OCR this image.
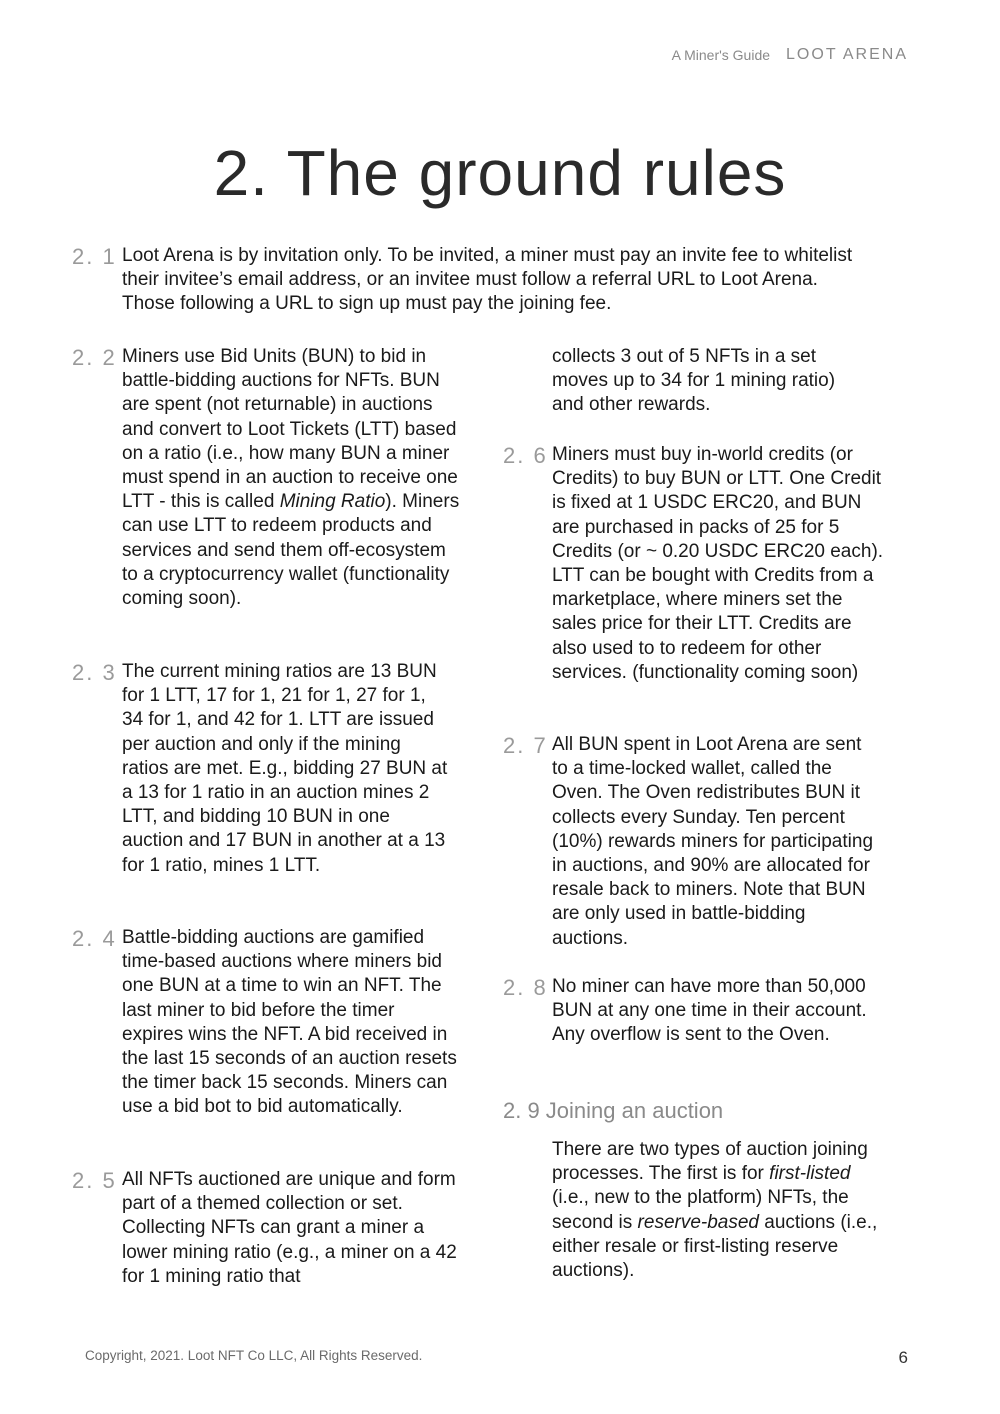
A Miner's Guide LOOT ARENA
2. The ground rules
2. 1 Loot Arena is by invitation only. To be invited, a miner must pay an invite fee to whitelist their invitee’s email address, or an invitee must follow a referral URL to Loot Arena. Those following a URL to sign up must pay the joining fee.
2. 2 Miners use Bid Units (BUN) to bid in battle-bidding auctions for NFTs. BUN are spent (not returnable) in auctions and convert to Loot Tickets (LTT) based on a ratio (i.e., how many BUN a miner must spend in an auction to receive one LTT - this is called Mining Ratio). Miners can use LTT to redeem products and services and send them off-ecosystem to a cryptocurrency wallet (functionality coming soon).
2. 3 The current mining ratios are 13 BUN for 1 LTT, 17 for 1, 21 for 1, 27 for 1, 34 for 1, and 42 for 1. LTT are issued per auction and only if the mining ratios are met. E.g., bidding 27 BUN at a 13 for 1 ratio in an auction mines 2 LTT, and bidding 10 BUN in one auction and 17 BUN in another at a 13 for 1 ratio, mines 1 LTT.
2. 4 Battle-bidding auctions are gamified time-based auctions where miners bid one BUN at a time to win an NFT. The last miner to bid before the timer expires wins the NFT. A bid received in the last 15 seconds of an auction resets the timer back 15 seconds. Miners can use a bid bot to bid automatically.
2. 5 All NFTs auctioned are unique and form part of a themed collection or set. Collecting NFTs can grant a miner a lower mining ratio (e.g., a miner on a 42 for 1 mining ratio that
collects 3 out of 5 NFTs in a set moves up to 34 for 1 mining ratio) and other rewards.
2. 6 Miners must buy in-world credits (or Credits) to buy BUN or LTT. One Credit is fixed at 1 USDC ERC20, and BUN are purchased in packs of 25 for 5 Credits (or ~ 0.20 USDC ERC20 each). LTT can be bought with Credits from a marketplace, where miners set the sales price for their LTT. Credits are also used to to redeem for other services. (functionality coming soon)
2. 7 All BUN spent in Loot Arena are sent to a time-locked wallet, called the Oven. The Oven redistributes BUN it collects every Sunday. Ten percent (10%) rewards miners for participating in auctions, and 90% are allocated for resale back to miners. Note that BUN are only used in battle-bidding auctions.
2. 8 No miner can have more than 50,000 BUN at any one time in their account. Any overflow is sent to the Oven.
2. 9 Joining an auction
There are two types of auction joining processes. The first is for first-listed (i.e., new to the platform) NFTs, the second is reserve-based auctions (i.e., either resale or first-listing reserve auctions).
Copyright, 2021. Loot NFT Co LLC, All Rights Reserved.	6
